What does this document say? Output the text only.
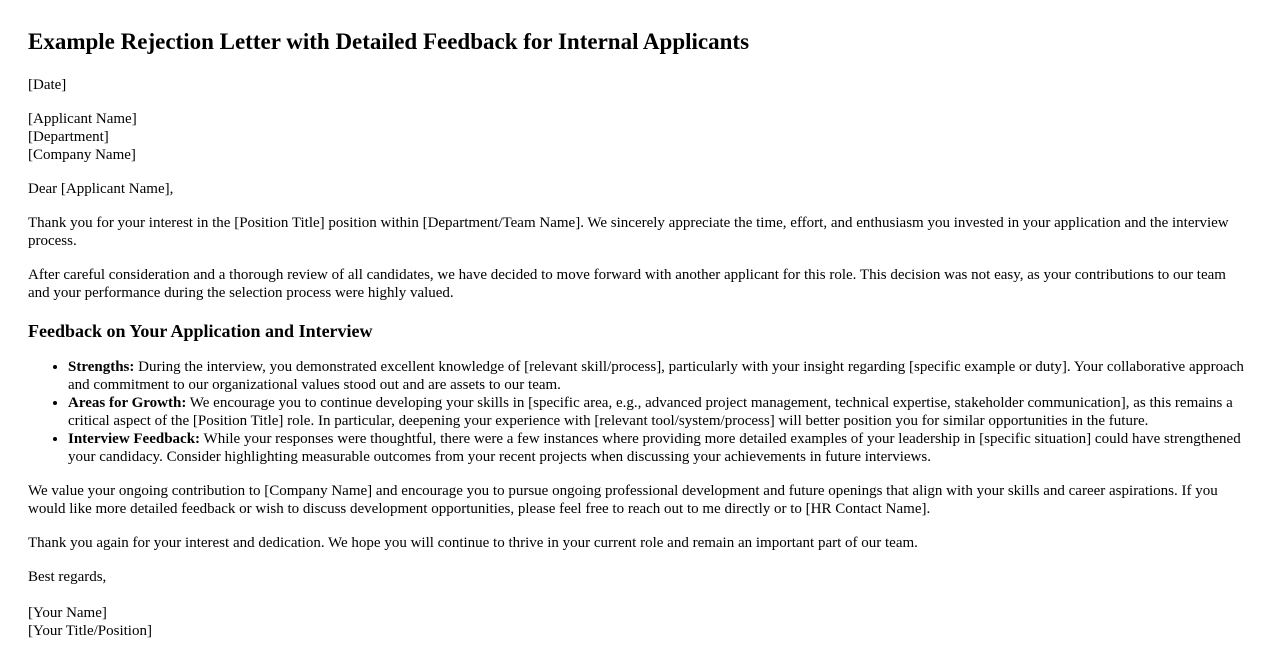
Example Rejection Letter with Detailed Feedback for Internal Applicants
[Date]
[Applicant Name]
[Department]
[Company Name]
Dear [Applicant Name],
Thank you for your interest in the [Position Title] position within [Department/Team Name]. We sincerely appreciate the time, effort, and enthusiasm you invested in your application and the interview process.
After careful consideration and a thorough review of all candidates, we have decided to move forward with another applicant for this role. This decision was not easy, as your contributions to our team and your performance during the selection process were highly valued.
Feedback on Your Application and Interview
• Strengths: During the interview, you demonstrated excellent knowledge of [relevant skill/process], particularly with your insight regarding [specific example or duty]. Your collaborative approach and commitment to our organizational values stood out and are assets to our team.
• Areas for Growth: We encourage you to continue developing your skills in [specific area, e.g., advanced project management, technical expertise, stakeholder communication], as this remains a critical aspect of the [Position Title] role. In particular, deepening your experience with [relevant tool/system/process] will better position you for similar opportunities in the future.
• Interview Feedback: While your responses were thoughtful, there were a few instances where providing more detailed examples of your leadership in [specific situation] could have strengthened your candidacy. Consider highlighting measurable outcomes from your recent projects when discussing your achievements in future interviews.
We value your ongoing contribution to [Company Name] and encourage you to pursue ongoing professional development and future openings that align with your skills and career aspirations. If you would like more detailed feedback or wish to discuss development opportunities, please feel free to reach out to me directly or to [HR Contact Name].
Thank you again for your interest and dedication. We hope you will continue to thrive in your current role and remain an important part of our team.
Best regards,
[Your Name]
[Your Title/Position]
